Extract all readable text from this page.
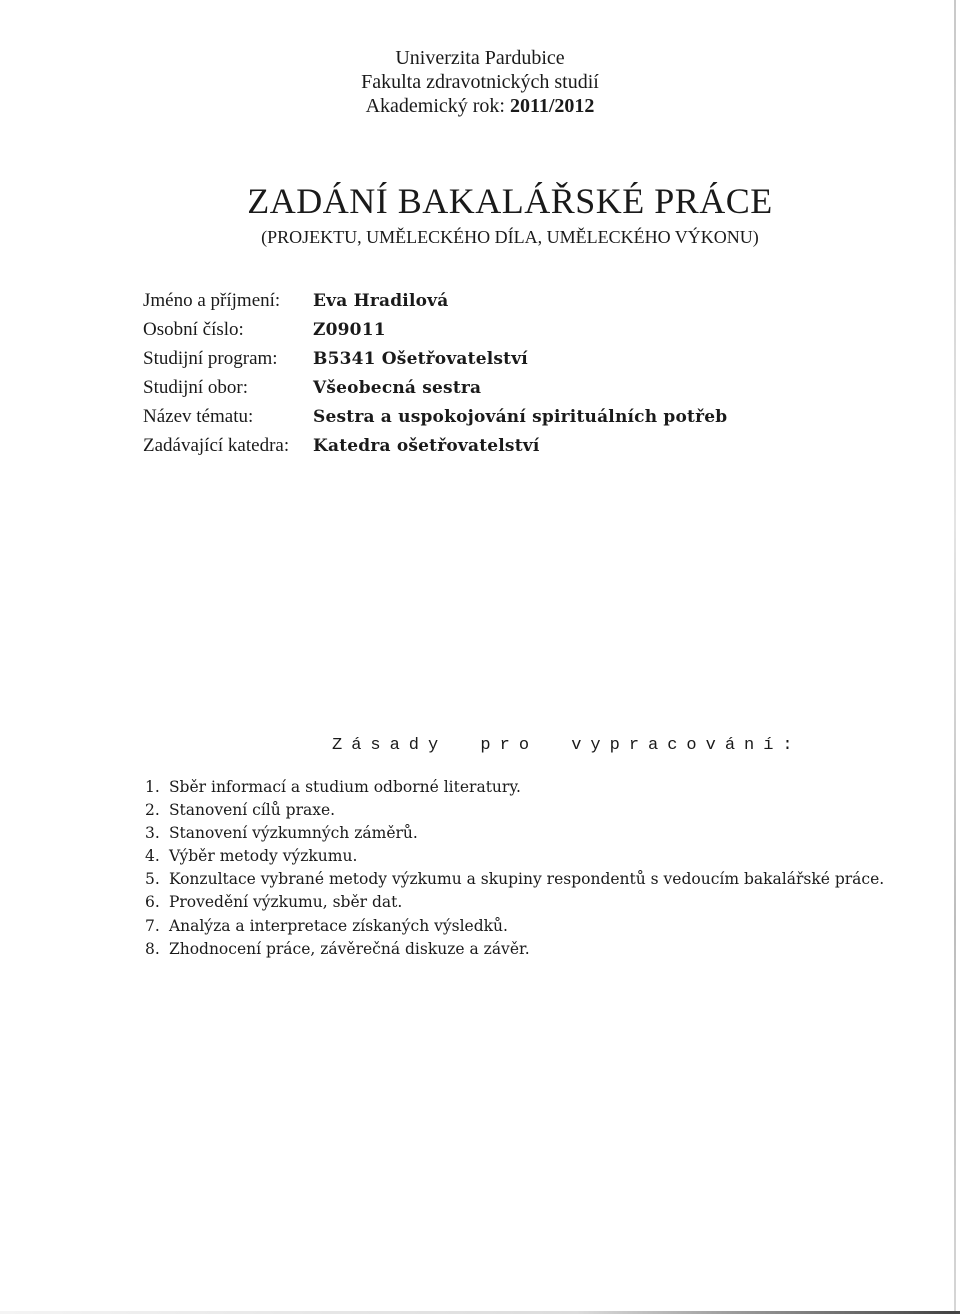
Univerzita Pardubice
Fakulta zdravotnických studií
Akademický rok: 2011/2012
ZADÁNÍ BAKALÁŘSKÉ PRÁCE
(PROJEKTU, UMĚLECKÉHO DÍLA, UMĚLECKÉHO VÝKONU)
Jméno a příjmení:	Eva Hradilová
Osobní číslo:	Z09011
Studijní program:	B5341 Ošetřovatelství
Studijní obor:	Všeobecná sestra
Název tématu:	Sestra a uspokojování spirituálních potřeb
Zadávající katedra:	Katedra ošetřovatelství
Zásady pro vypracování:
1. Sběr informací a studium odborné literatury.
2. Stanovení cílů praxe.
3. Stanovení výzkumných záměrů.
4. Výběr metody výzkumu.
5. Konzultace vybrané metody výzkumu a skupiny respondentů s vedoucím bakalářské práce.
6. Provedění výzkumu, sběr dat.
7. Analýza a interpretace získaných výsledků.
8. Zhodnocení práce, závěrečná diskuze a závěr.
